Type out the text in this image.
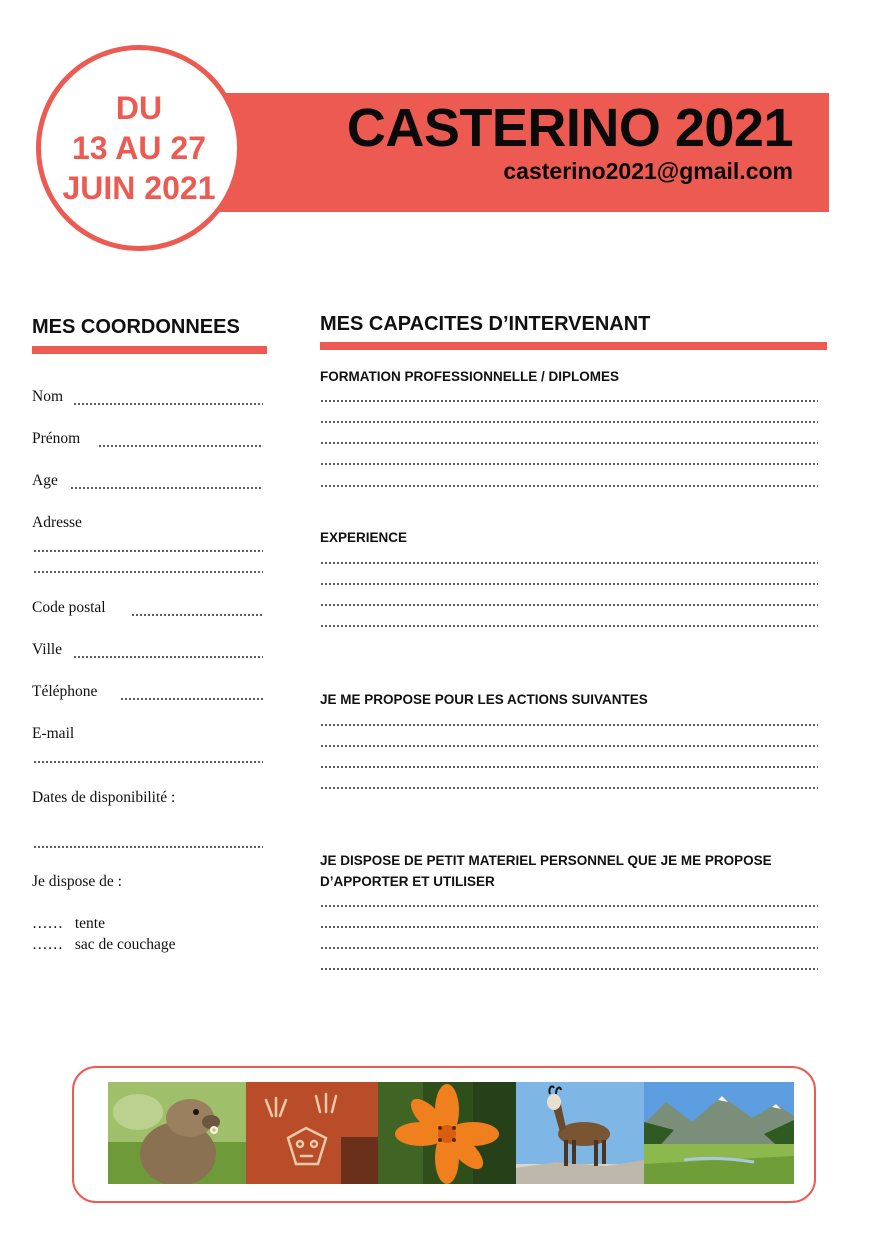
CASTERINO 2021
casterino2021@gmail.com
DU
13 AU 27
JUIN 2021
MES COORDONNEES
Nom
Prénom
Age
Adresse
Code postal
Ville
Téléphone
E-mail
Dates de disponibilité :
Je dispose de :
…… tente
…… sac de couchage
MES CAPACITES D’INTERVENANT
FORMATION PROFESSIONNELLE / DIPLOMES
EXPERIENCE
JE ME PROPOSE POUR LES ACTIONS SUIVANTES
JE DISPOSE DE PETIT MATERIEL PERSONNEL QUE JE ME PROPOSE
D’APPORTER ET UTILISER
